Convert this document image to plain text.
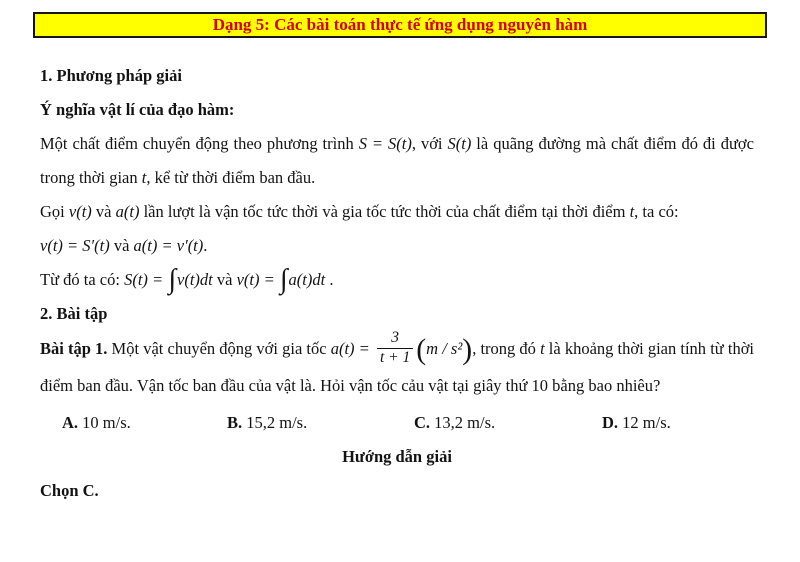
Dạng 5: Các bài toán thực tế ứng dụng nguyên hàm

1. Phương pháp giải

Ý nghĩa vật lí của đạo hàm:

Một chất điểm chuyển động theo phương trình S = S(t), với S(t) là quãng đường mà chất điểm đó đi được trong thời gian t, kể từ thời điểm ban đầu.

Gọi v(t) và a(t) lần lượt là vận tốc tức thời và gia tốc tức thời của chất điểm tại thời điểm t, ta có:

v(t) = S′(t) và a(t) = v′(t).

Từ đó ta có: S(t) = ∫v(t)dt và v(t) = ∫a(t)dt .

2. Bài tập

Bài tập 1. Một vật chuyển động với gia tốc $a(t) = \frac{3}{t + 1} (m / s^2)$, trong đó t là khoảng thời gian tính từ thời điểm ban đầu. Vận tốc ban đầu của vật là. Hỏi vận tốc cảu vật tại giây thứ 10 bằng bao nhiêu?

A. 10 m/s.	B. 15,2 m/s.	C. 13,2 m/s.	D. 12 m/s.

Hướng dẫn giải

Chọn C.
